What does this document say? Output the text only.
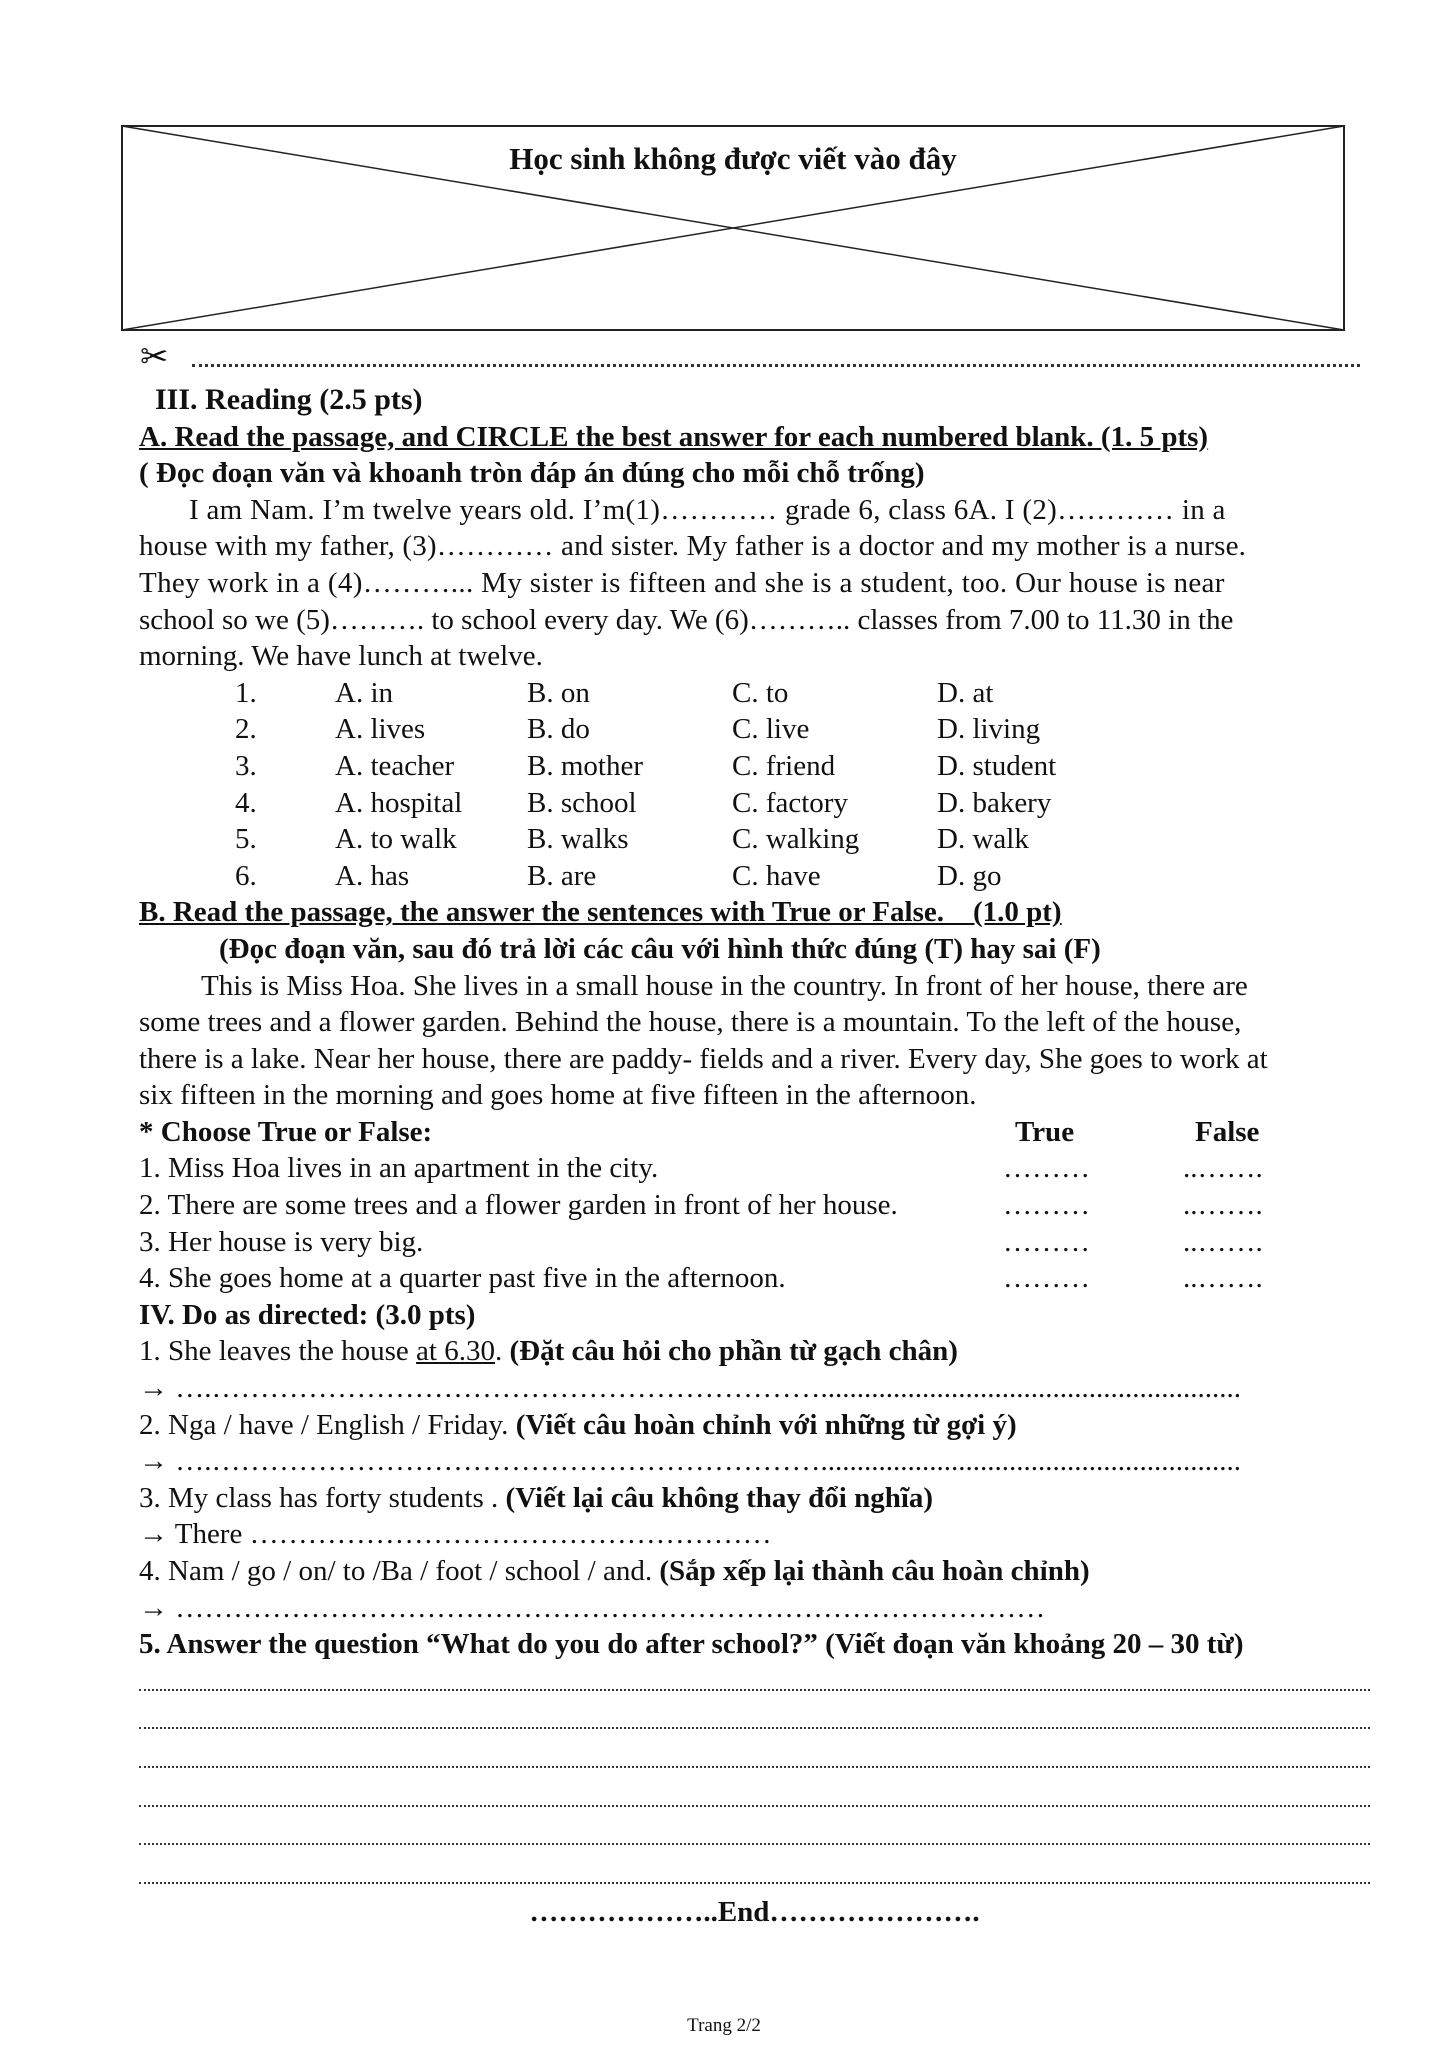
Học sinh không được viết vào đây
✂
III. Reading (2.5 pts)
A. Read the passage, and CIRCLE the best answer for each numbered blank. (1. 5 pts)
( Đọc đoạn văn và khoanh tròn đáp án đúng cho mỗi chỗ trống)
I am Nam. I’m twelve years old. I’m(1)………… grade 6, class 6A. I (2)………… in a
house with my father, (3)………… and sister. My father is a doctor and my mother is a nurse.
They work in a (4)………... My sister is fifteen and she is a student, too. Our house is near
school so we (5)………. to school every day. We (6)……….. classes from 7.00 to 11.30 in the
morning. We have lunch at twelve.
1.	A. in	B. on	C. to	D. at
2.	A. lives	B. do	C. live	D. living
3.	A. teacher	B. mother	C. friend	D. student
4.	A. hospital	B. school	C. factory	D. bakery
5.	A. to walk	B. walks	C. walking	D. walk
6.	A. has	B. are	C. have	D. go
B. Read the passage, the answer the sentences with True or False.    (1.0 pt)
(Đọc đoạn văn, sau đó trả lời các câu với hình thức đúng (T) hay sai (F)
This is Miss Hoa. She lives in a small house in the country. In front of her house, there are
some trees and a flower garden. Behind the house, there is a mountain. To the left of the house,
there is a lake. Near her house, there are paddy- fields and a river. Every day, She goes to work at
six fifteen in the morning and goes home at five fifteen in the afternoon.
* Choose True or False:	True	False
1. Miss Hoa lives in an apartment in the city.	………	..…….
2. There are some trees and a flower garden in front of her house.	………	..…….
3. Her house is very big.	………	..…….
4. She goes home at a quarter past five in the afternoon.	………	..…….
IV. Do as directed: (3.0 pts)
1. She leaves the house at 6.30. (Đặt câu hỏi cho phần từ gạch chân)
→ ….………………………………………………………..........................................................
2. Nga / have / English / Friday. (Viết câu hoàn chỉnh với những từ gợi ý)
→ ….………………………………………………………..........................................................
3. My class has forty students . (Viết lại câu không thay đổi nghĩa)
→ There ………………………………………………
4. Nam / go / on/ to /Ba / foot / school / and. (Sắp xếp lại thành câu hoàn chỉnh)
→ ………………………………………………………………………………
5. Answer the question “What do you do after school?” (Viết đoạn văn khoảng 20 – 30 từ)
………………..End………………….
Trang 2/2
